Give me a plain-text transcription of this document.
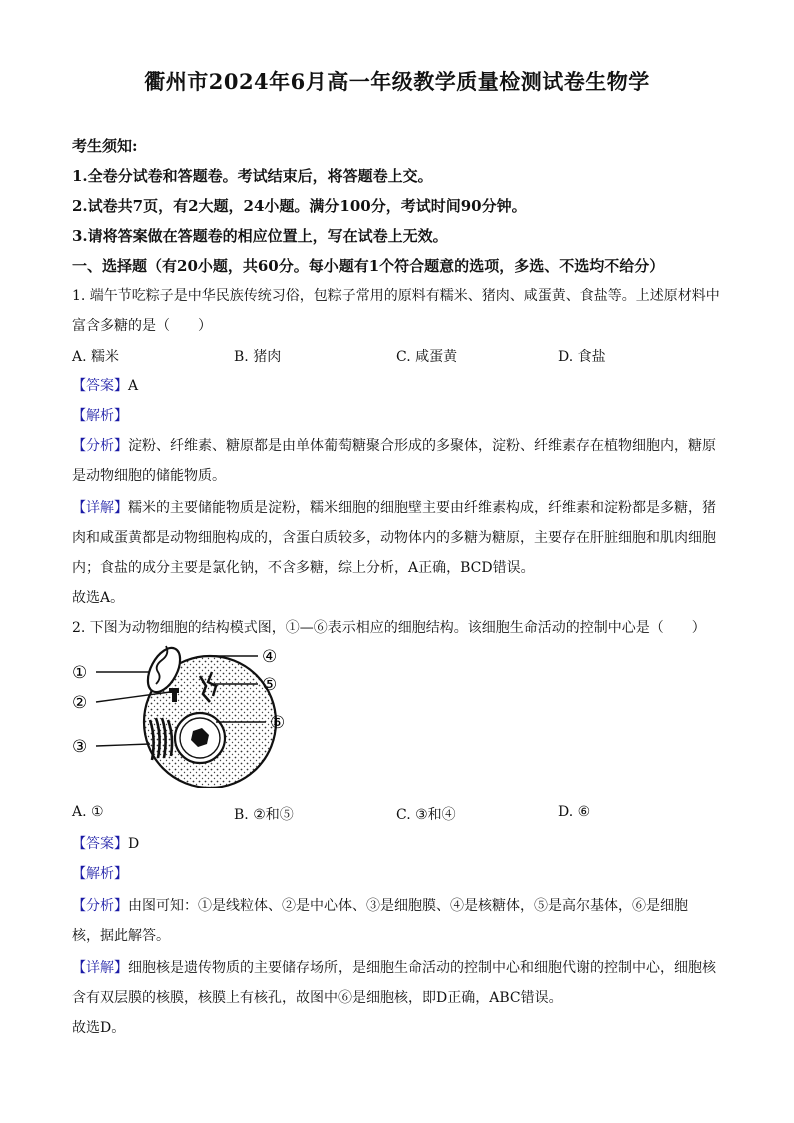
衢州市2024年6月高一年级教学质量检测试卷生物学
考生须知:
1.全卷分试卷和答题卷。考试结束后，将答题卷上交。
2.试卷共7页，有2大题，24小题。满分100分，考试时间90分钟。
3.请将答案做在答题卷的相应位置上，写在试卷上无效。
一、选择题（有20小题，共60分。每小题有1个符合题意的选项，多选、不选均不给分）
1. 端午节吃粽子是中华民族传统习俗，包粽子常用的原料有糯米、猪肉、咸蛋黄、食盐等。上述原材料中
富含多糖的是（　　）
A. 糯米	B. 猪肉	C. 咸蛋黄	D. 食盐
【答案】A
【解析】
【分析】淀粉、纤维素、糖原都是由单体葡萄糖聚合形成的多聚体，淀粉、纤维素存在植物细胞内，糖原
是动物细胞的储能物质。
【详解】糯米的主要储能物质是淀粉，糯米细胞的细胞壁主要由纤维素构成，纤维素和淀粉都是多糖，猪
肉和咸蛋黄都是动物细胞构成的，含蛋白质较多，动物体内的多糖为糖原，主要存在肝脏细胞和肌肉细胞
内；食盐的成分主要是氯化钠，不含多糖，综上分析，A正确，BCD错误。
故选A。
2. 下图为动物细胞的结构模式图，①—⑥表示相应的细胞结构。该细胞生命活动的控制中心是（　　）
①
②
③
④
⑤
⑥
A. ①	B. ②和⑤	C. ③和④	D. ⑥
【答案】D
【解析】
【分析】由图可知：①是线粒体、②是中心体、③是细胞膜、④是核糖体，⑤是高尔基体，⑥是细胞
核，据此解答。
【详解】细胞核是遗传物质的主要储存场所，是细胞生命活动的控制中心和细胞代谢的控制中心，细胞核
含有双层膜的核膜，核膜上有核孔，故图中⑥是细胞核，即D正确，ABC错误。
故选D。
